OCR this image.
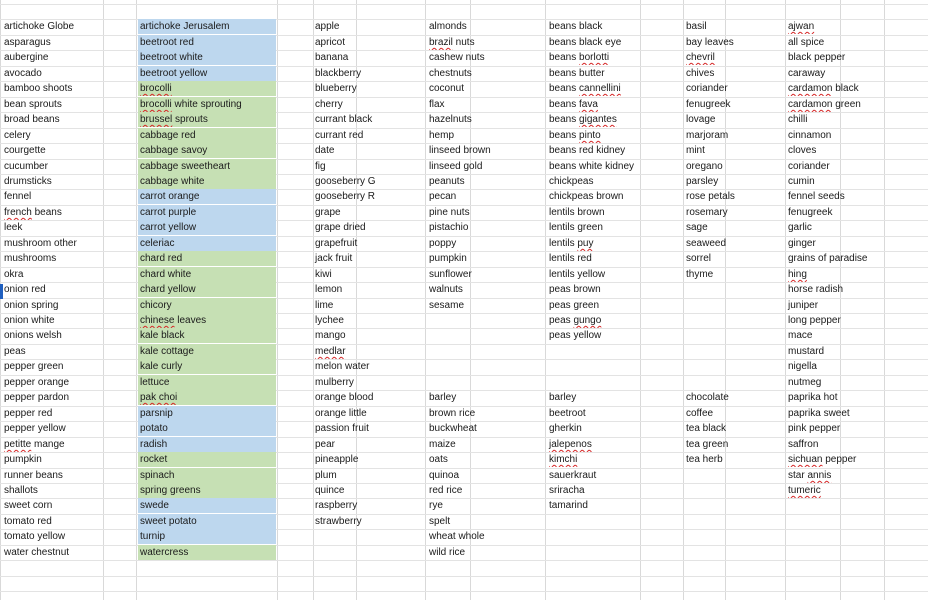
artichoke Globe
asparagus
aubergine
avocado
bamboo shoots
bean sprouts
broad beans
celery
courgette
cucumber
drumsticks
fennel
french beans
leek
mushroom other
mushrooms
okra
onion red
onion spring
onion white
onions welsh
peas
pepper green
pepper orange
pepper pardon
pepper red
pepper yellow
petitte mange
pumpkin
runner beans
shallots
sweet corn
tomato red
tomato yellow
water chestnut
artichoke Jerusalem
beetroot red
beetroot white
beetroot yellow
brocolli
brocolli white sprouting
brussel sprouts
cabbage red
cabbage savoy
cabbage sweetheart
cabbage white
carrot orange
carrot purple
carrot yellow
celeriac
chard red
chard white
chard yellow
chicory
chinese leaves
kale black
kale cottage
kale curly
lettuce
pak choi
parsnip
potato
radish
rocket
spinach
spring greens
swede
sweet potato
turnip
watercress
apple
apricot
banana
blackberry
blueberry
cherry
currant black
currant red
date
fig
gooseberry G
gooseberry R
grape
grape dried
grapefruit
jack fruit
kiwi
lemon
lime
lychee
mango
medlar
melon water
mulberry
orange blood
orange little
passion fruit
pear
pineapple
plum
quince
raspberry
strawberry
almonds
brazil nuts
cashew nuts
chestnuts
coconut
flax
hazelnuts
hemp
linseed brown
linseed gold
peanuts
pecan
pine nuts
pistachio
poppy
pumpkin
sunflower
walnuts
sesame
barley
brown rice
buckwheat
maize
oats
quinoa
red rice
rye
spelt
wheat whole
wild rice
beans black
beans black eye
beans borlotti
beans butter
beans cannellini
beans fava
beans gigantes
beans pinto
beans red kidney
beans white kidney
chickpeas
chickpeas brown
lentils brown
lentils green
lentils puy
lentils red
lentils yellow
peas brown
peas green
peas gungo
peas yellow
barley
beetroot
gherkin
jalepenos
kimchi
sauerkraut
sriracha
tamarind
basil
bay leaves
chevril
chives
coriander
fenugreek
lovage
marjoram
mint
oregano
parsley
rose petals
rosemary
sage
seaweed
sorrel
thyme
chocolate
coffee
tea black
tea green
tea herb
ajwan
all spice
black pepper
caraway
cardamon black
cardamon green
chilli
cinnamon
cloves
coriander
cumin
fennel seeds
fenugreek
garlic
ginger
grains of paradise
hing
horse radish
juniper
long pepper
mace
mustard
nigella
nutmeg
paprika hot
paprika sweet
pink pepper
saffron
sichuan pepper
star annis
tumeric
